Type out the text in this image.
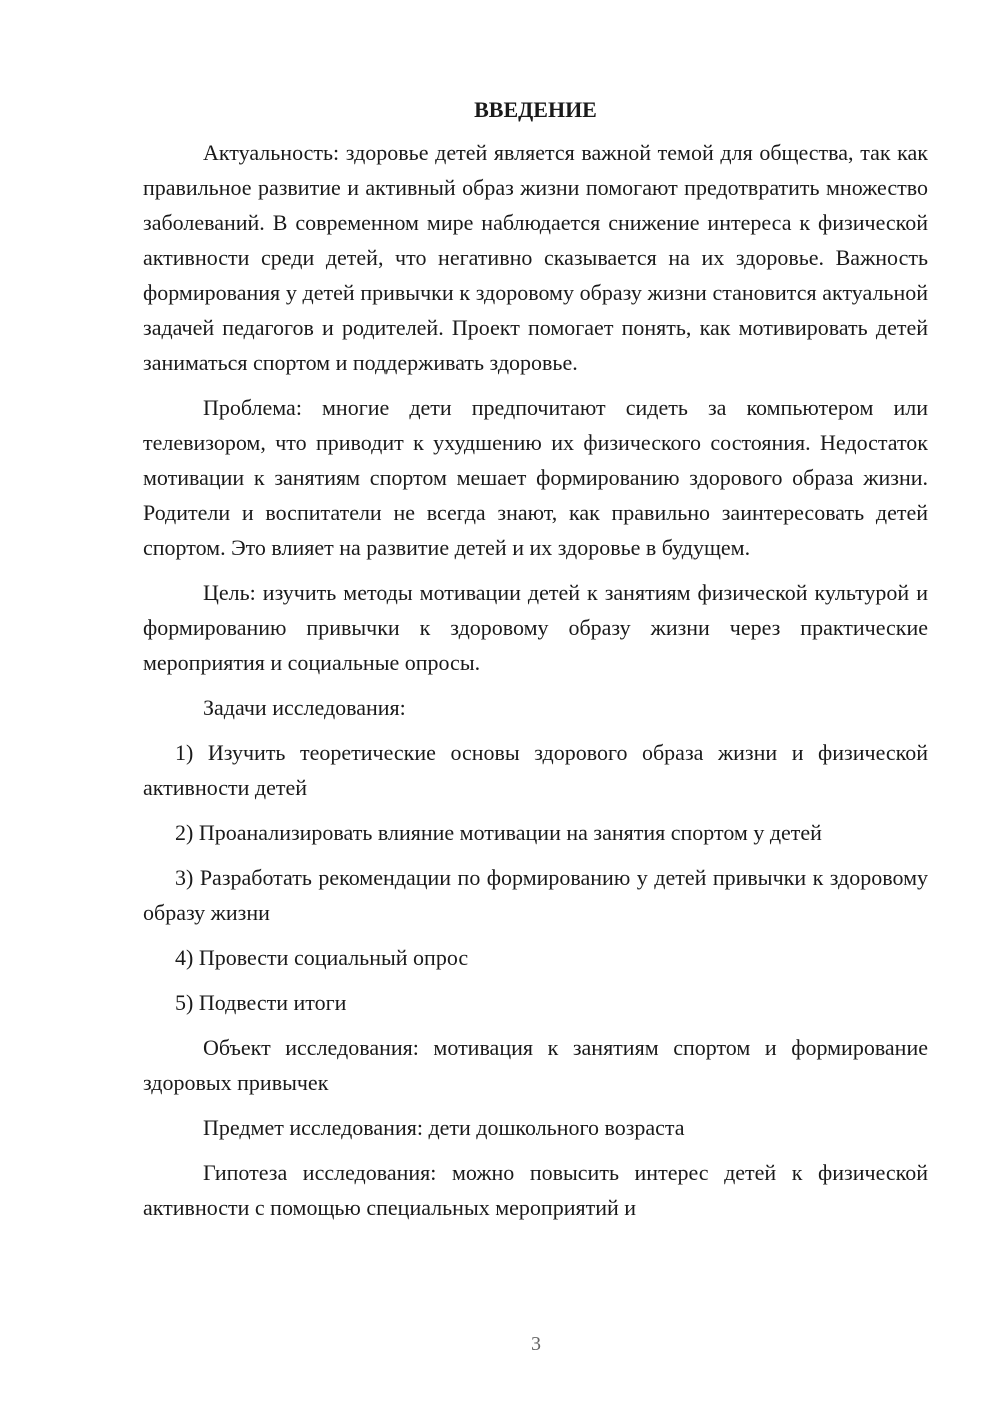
ВВЕДЕНИЕ

Актуальность: здоровье детей является важной темой для общества, так как правильное развитие и активный образ жизни помогают предотвратить множество заболеваний. В современном мире наблюдается снижение интереса к физической активности среди детей, что негативно сказывается на их здоровье. Важность формирования у детей привычки к здоровому образу жизни становится актуальной задачей педагогов и родителей. Проект помогает понять, как мотивировать детей заниматься спортом и поддерживать здоровье.

Проблема: многие дети предпочитают сидеть за компьютером или телевизором, что приводит к ухудшению их физического состояния. Недостаток мотивации к занятиям спортом мешает формированию здорового образа жизни. Родители и воспитатели не всегда знают, как правильно заинтересовать детей спортом. Это влияет на развитие детей и их здоровье в будущем.

Цель: изучить методы мотивации детей к занятиям физической культурой и формированию привычки к здоровому образу жизни через практические мероприятия и социальные опросы.

Задачи исследования:

1) Изучить теоретические основы здорового образа жизни и физической активности детей

2) Проанализировать влияние мотивации на занятия спортом у детей

3) Разработать рекомендации по формированию у детей привычки к здоровому образу жизни

4) Провести социальный опрос

5) Подвести итоги

Объект исследования: мотивация к занятиям спортом и формирование здоровых привычек

Предмет исследования: дети дошкольного возраста

Гипотеза исследования: можно повысить интерес детей к физической активности с помощью специальных мероприятий и

3
